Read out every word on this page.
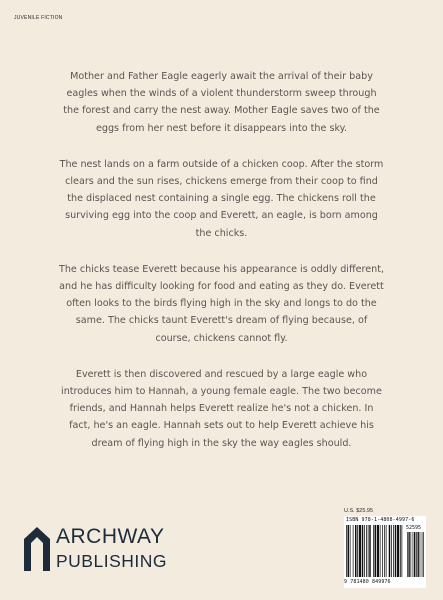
JUVENILE FICTION

Mother and Father Eagle eagerly await the arrival of their baby eagles when the winds of a violent thunderstorm sweep through the forest and carry the nest away. Mother Eagle saves two of the eggs from her nest before it disappears into the sky.

The nest lands on a farm outside of a chicken coop. After the storm clears and the sun rises, chickens emerge from their coop to find the displaced nest containing a single egg. The chickens roll the surviving egg into the coop and Everett, an eagle, is born among the chicks.

The chicks tease Everett because his appearance is oddly different, and he has difficulty looking for food and eating as they do. Everett often looks to the birds flying high in the sky and longs to do the same. The chicks taunt Everett's dream of flying because, of course, chickens cannot fly.

Everett is then discovered and rescued by a large eagle who introduces him to Hannah, a young female eagle. The two become friends, and Hannah helps Everett realize he's not a chicken. In fact, he's an eagle. Hannah sets out to help Everett achieve his dream of flying high in the sky the way eagles should.

ARCHWAY
PUBLISHING
U.S. $25.95
ISBN 978-1-4808-4997-6
52595
9 781480 849976
